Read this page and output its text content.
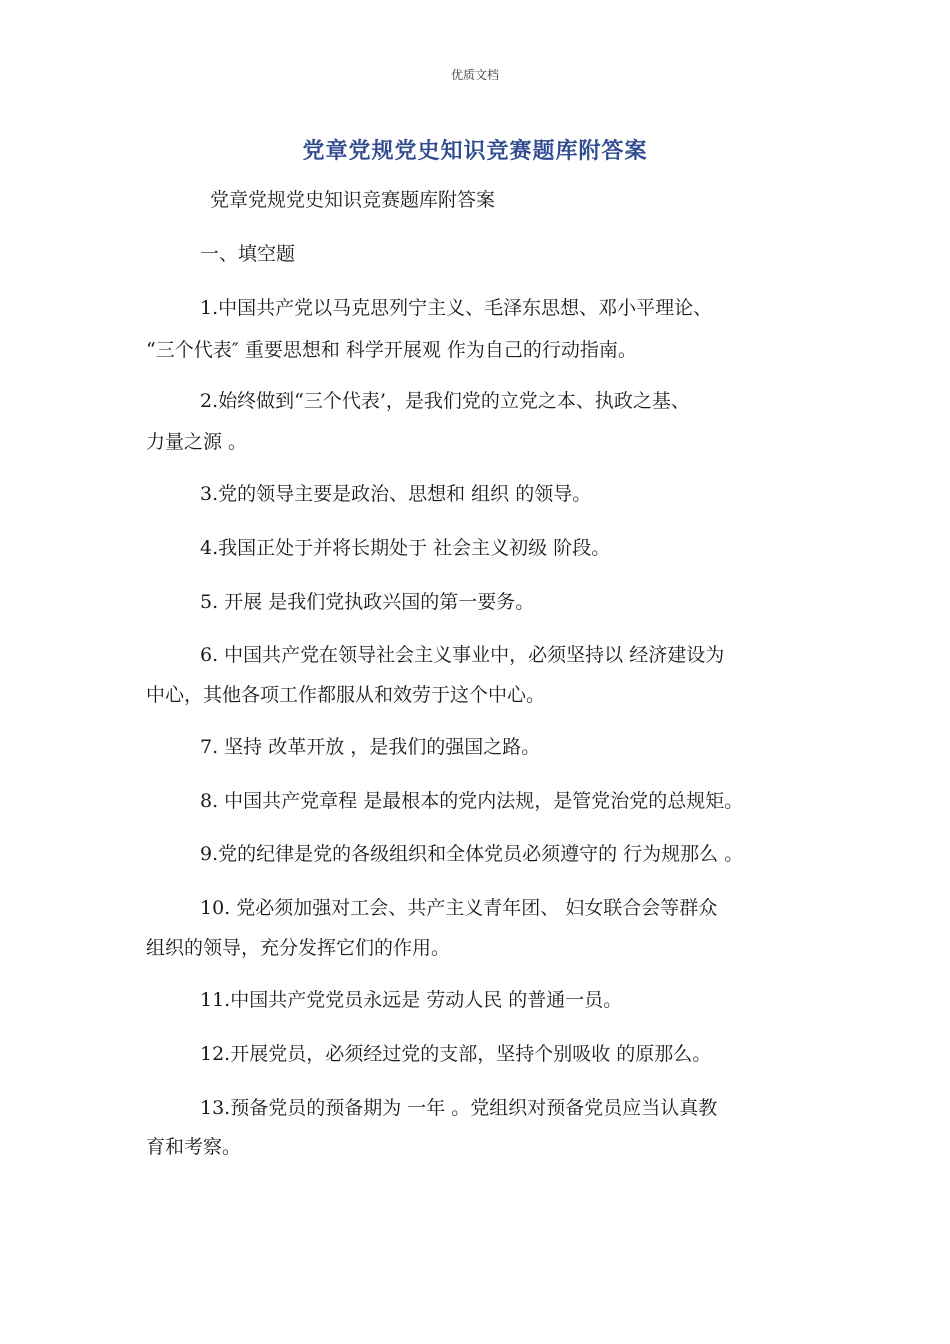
优质文档
党章党规党史知识竞赛题库附答案
党章党规党史知识竞赛题库附答案
一、填空题
1.中国共产党以马克思列宁主义、毛泽东思想、邓小平理论、
“三个代表″ 重要思想和 科学开展观 作为自己的行动指南。
2.始终做到“三个代表’，是我们党的立党之本、执政之基、
力量之源 。
3.党的领导主要是政治、思想和 组织 的领导。
4.我国正处于并将长期处于 社会主义初级 阶段。
5. 开展 是我们党执政兴国的第一要务。
6. 中国共产党在领导社会主义事业中，必须坚持以 经济建设为
中心，其他各项工作都服从和效劳于这个中心。
7. 坚持 改革开放 ，是我们的强国之路。
8. 中国共产党章程 是最根本的党内法规，是管党治党的总规矩。
9.党的纪律是党的各级组织和全体党员必须遵守的 行为规那么 。
10. 党必须加强对工会、共产主义青年团、 妇女联合会等群众
组织的领导，充分发挥它们的作用。
11.中国共产党党员永远是 劳动人民 的普通一员。
12.开展党员，必须经过党的支部，坚持个别吸收 的原那么。
13.预备党员的预备期为 一年 。党组织对预备党员应当认真教
育和考察。
